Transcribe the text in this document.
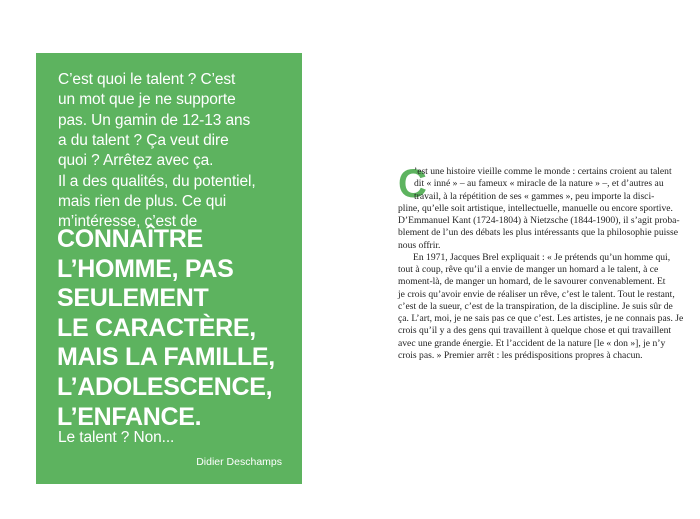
C’est quoi le talent ? C’est
un mot que je ne supporte
pas. Un gamin de 12-13 ans
a du talent ? Ça veut dire
quoi ? Arrêtez avec ça.
Il a des qualités, du potentiel,
mais rien de plus. Ce qui
m’intéresse, c’est de
CONNAÎTRE
L’HOMME, PAS
SEULEMENT
LE CARACTÈRE,
MAIS LA FAMILLE,
L’ADOLESCENCE,
L’ENFANCE.
Le talent ? Non...
Didier Deschamps
C
’est une histoire vieille comme le monde : certains croient au talent
dit « inné » – au fameux « miracle de la nature » –, et d’autres au
travail, à la répétition de ses « gammes », peu importe la disci-
pline, qu’elle soit artistique, intellectuelle, manuelle ou encore sportive.
D’Emmanuel Kant (1724-1804) à Nietzsche (1844-1900), il s’agit proba-
blement de l’un des débats les plus intéressants que la philosophie puisse
nous offrir.
En 1971, Jacques Brel expliquait : « Je prétends qu’un homme qui,
tout à coup, rêve qu’il a envie de manger un homard a le talent, à ce
moment-là, de manger un homard, de le savourer convenablement. Et
je crois qu’avoir envie de réaliser un rêve, c’est le talent. Tout le restant,
c’est de la sueur, c’est de la transpiration, de la discipline. Je suis sûr de
ça. L’art, moi, je ne sais pas ce que c’est. Les artistes, je ne connais pas. Je
crois qu’il y a des gens qui travaillent à quelque chose et qui travaillent
avec une grande énergie. Et l’accident de la nature [le « don »], je n’y
crois pas. » Premier arrêt : les prédispositions propres à chacun.
